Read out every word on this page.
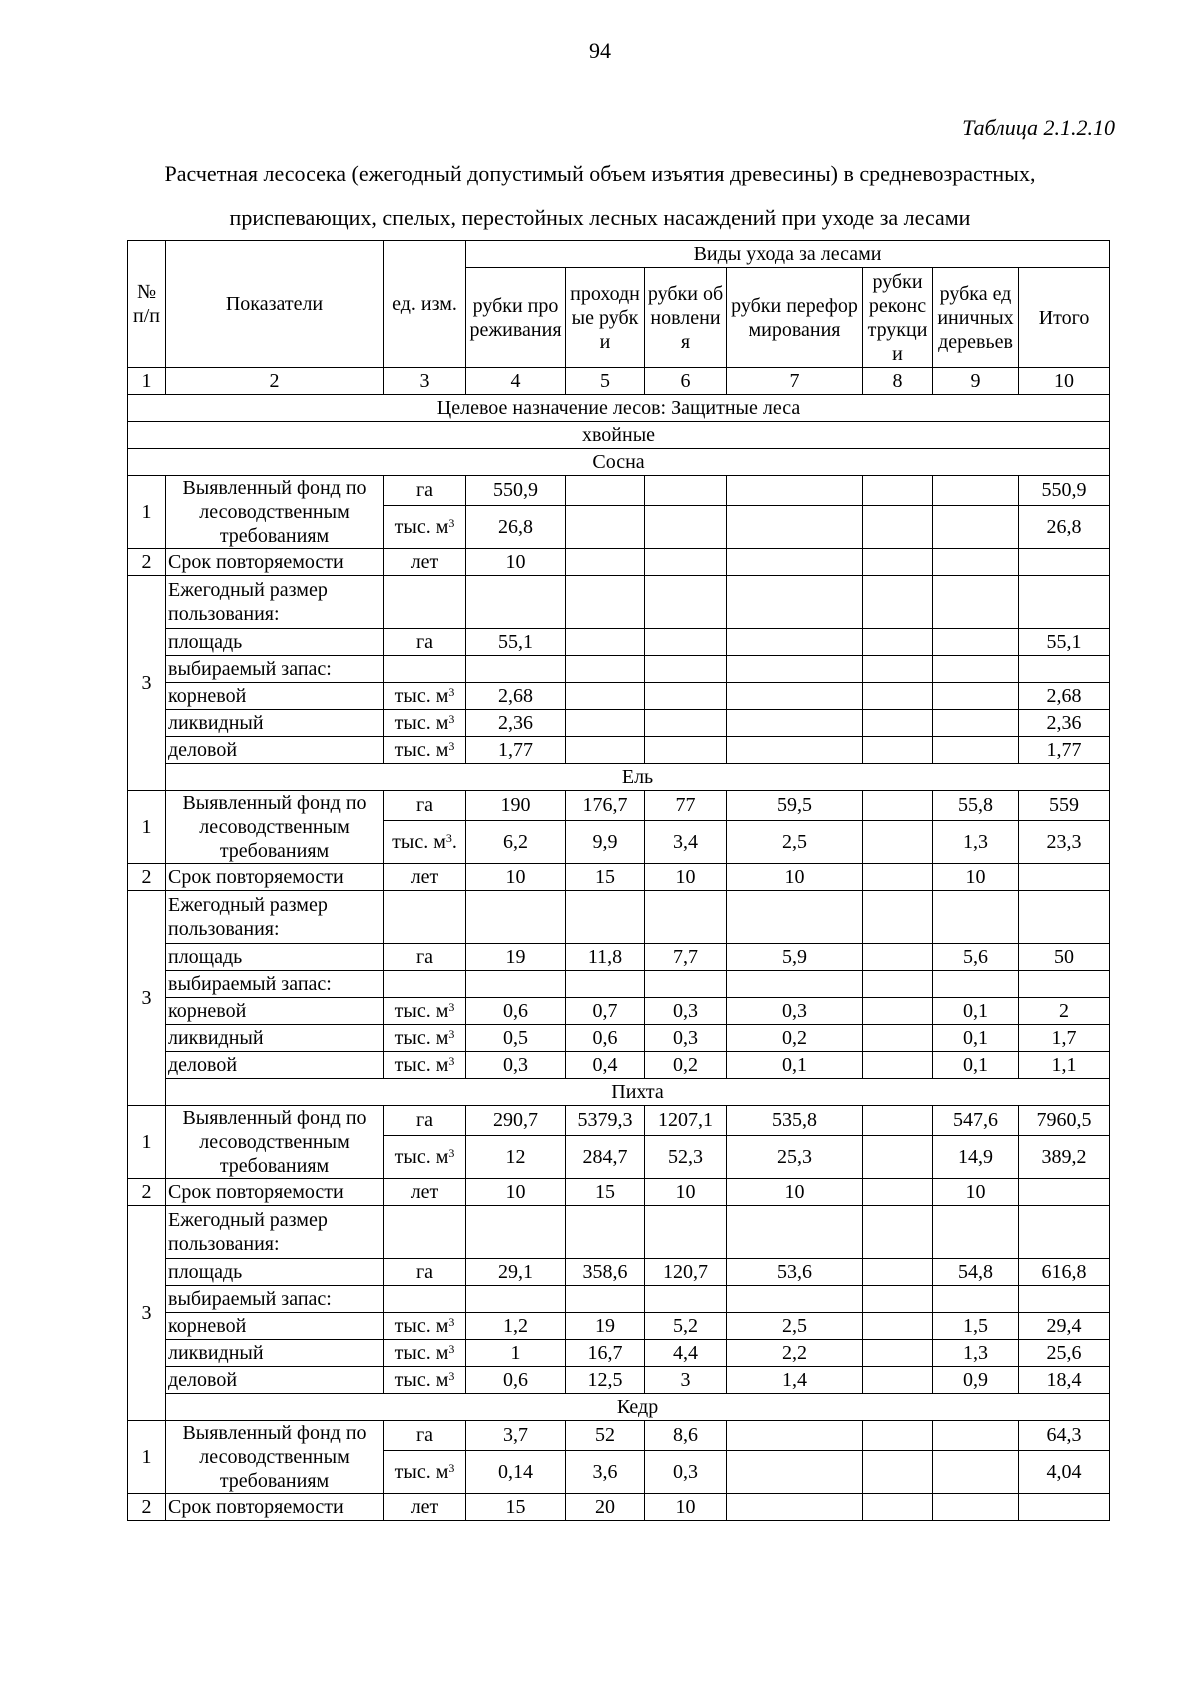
94
Таблица 2.1.2.10
Расчетная лесосека (ежегодный допустимый объем изъятия древесины) в средневозрастных,
приспевающих, спелых, перестойных лесных насаждений при уходе за лесами
№ п/п	Показатели	ед. изм.	Виды ухода за лесами						
			рубки прореживания	проходные рубки	рубки обновления	рубки переформирования	рубки реконструкции	рубка единичных деревьев	Итого
1	2	3	4	5	6	7	8	9	10
Целевое назначение лесов: Защитные леса									
хвойные									
Сосна									
1	Выявленный фонд по лесоводственным требованиям	га	550,9						550,9
		тыс. $м^3$	26,8						26,8
2	Срок повторяемости	лет	10						
3	Ежегодный размер пользования:								
	площадь	га	55,1						55,1
	выбираемый запас:								
	корневой	тыс. $м^3$	2,68						2,68
	ликвидный	тыс. $м^3$	2,36						2,36
	деловой	тыс. $м^3$	1,77						1,77
	Ель								
1	Выявленный фонд по лесоводственным требованиям	га	190	176,7	77	59,5		55,8	559
		тыс. $м^3$.	6,2	9,9	3,4	2,5		1,3	23,3
2	Срок повторяемости	лет	10	15	10	10		10	
3	Ежегодный размер пользования:								
	площадь	га	19	11,8	7,7	5,9		5,6	50
	выбираемый запас:								
	корневой	тыс. $м^3$	0,6	0,7	0,3	0,3		0,1	2
	ликвидный	тыс. $м^3$	0,5	0,6	0,3	0,2		0,1	1,7
	деловой	тыс. $м^3$	0,3	0,4	0,2	0,1		0,1	1,1
	Пихта								
1	Выявленный фонд по лесоводственным требованиям	га	290,7	5379,3	1207,1	535,8		547,6	7960,5
		тыс. $м^3$	12	284,7	52,3	25,3		14,9	389,2
2	Срок повторяемости	лет	10	15	10	10		10	
3	Ежегодный размер пользования:								
	площадь	га	29,1	358,6	120,7	53,6		54,8	616,8
	выбираемый запас:								
	корневой	тыс. $м^3$	1,2	19	5,2	2,5		1,5	29,4
	ликвидный	тыс. $м^3$	1	16,7	4,4	2,2		1,3	25,6
	деловой	тыс. $м^3$	0,6	12,5	3	1,4		0,9	18,4
	Кедр								
1	Выявленный фонд по лесоводственным требованиям	га	3,7	52	8,6				64,3
		тыс. $м^3$	0,14	3,6	0,3				4,04
2	Срок повторяемости	лет	15	20	10				
